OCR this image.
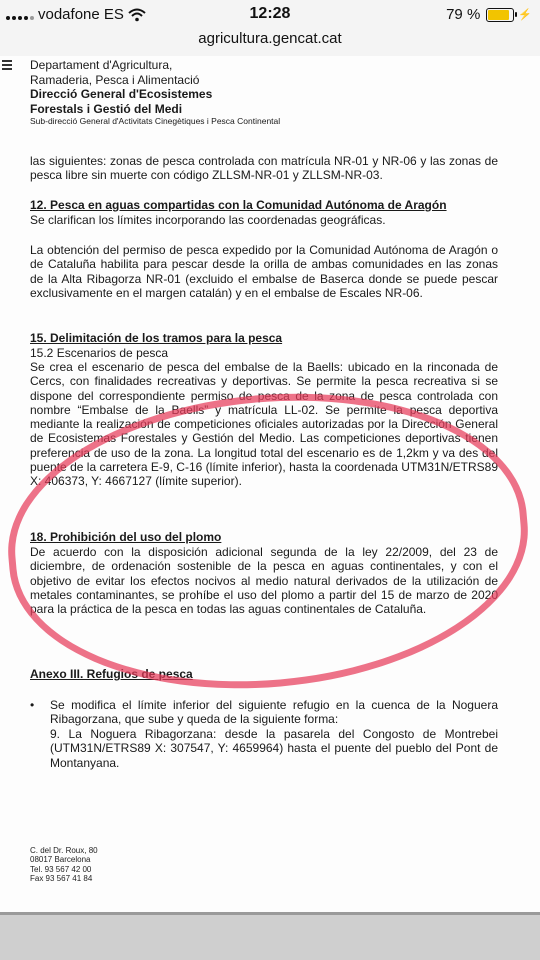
vodafone ES	12:28	79 %	⚡
agricultura.gencat.cat
Departament d'Agricultura,
Ramaderia, Pesca i Alimentació
Direcció General d'Ecosistemes
Forestals i Gestió del Medi
Sub-direcció General d'Activitats Cinegètiques i Pesca Continental
las siguientes: zonas de pesca controlada con matrícula NR-01 y NR-06 y las zonas de pesca libre sin muerte con código ZLLSM-NR-01 y ZLLSM-NR-03.
12. Pesca en aguas compartidas con la Comunidad Autónoma de Aragón
Se clarifican los límites incorporando las coordenadas geográficas.
La obtención del permiso de pesca expedido por la Comunidad Autónoma de Aragón o de Cataluña habilita para pescar desde la orilla de ambas comunidades en las zonas de la Alta Ribagorza NR-01 (excluido el embalse de Baserca donde se puede pescar exclusivamente en el margen catalán) y en el embalse de Escales NR-06.
15. Delimitación de los tramos para la pesca
15.2 Escenarios de pesca
Se crea el escenario de pesca del embalse de la Baells: ubicado en la rinconada de Cercs, con finalidades recreativas y deportivas. Se permite la pesca recreativa si se dispone del correspondiente permiso de pesca de la zona de pesca controlada con nombre “Embalse de la Baells” y matrícula LL-02. Se permite la pesca deportiva mediante la realización de competiciones oficiales autorizadas por la Dirección General de Ecosistemas Forestales y Gestión del Medio. Las competiciones deportivas tienen preferencia de uso de la zona. La longitud total del escenario es de 1,2km y va des del puente de la carretera E-9, C-16 (límite inferior), hasta la coordenada UTM31N/ETRS89 X: 406373, Y: 4667127 (límite superior).
18. Prohibición del uso del plomo
De acuerdo con la disposición adicional segunda de la ley 22/2009, del 23 de diciembre, de ordenación sostenible de la pesca en aguas continentales, y con el objetivo de evitar los efectos nocivos al medio natural derivados de la utilización de metales contaminantes, se prohíbe el uso del plomo a partir del 15 de marzo de 2020 para la práctica de la pesca en todas las aguas continentales de Cataluña.
Anexo III. Refugios de pesca
• Se modifica el límite inferior del siguiente refugio en la cuenca de la Noguera Ribagorzana, que sube y queda de la siguiente forma:
9. La Noguera Ribagorzana: desde la pasarela del Congosto de Montrebei (UTM31N/ETRS89 X: 307547, Y: 4659964) hasta el puente del pueblo del Pont de Montanyana.
C. del Dr. Roux, 80
08017 Barcelona
Tel. 93 567 42 00
Fax 93 567 41 84
